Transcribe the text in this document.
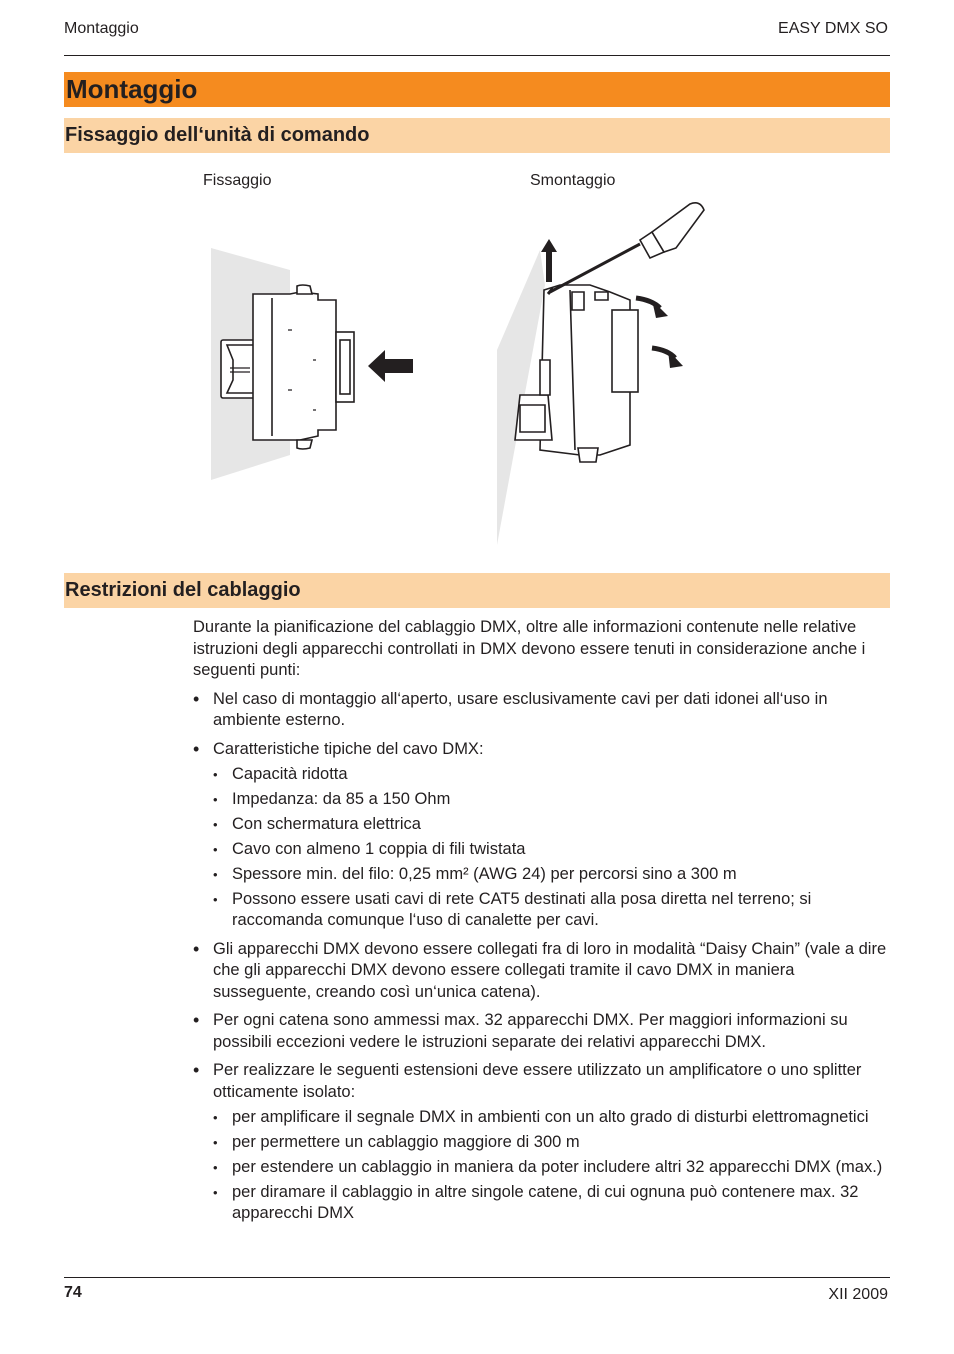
Montaggio	EASY DMX SO
Montaggio
Fissaggio dell‘unità di comando
Fissaggio	Smontaggio
Restrizioni del cablaggio

Durante la pianificazione del cablaggio DMX, oltre alle informazioni contenute nelle relative istruzioni degli apparecchi controllati in DMX devono essere tenuti in considerazione anche i seguenti punti:

• Nel caso di montaggio all‘aperto, usare esclusivamente cavi per dati idonei all‘uso in ambiente esterno.
• Caratteristiche tipiche del cavo DMX:
• Capacità ridotta
• Impedanza: da 85 a 150 Ohm
• Con schermatura elettrica
• Cavo con almeno 1 coppia di fili twistata
• Spessore min. del filo: 0,25 mm² (AWG 24) per percorsi sino a 300 m
• Possono essere usati cavi di rete CAT5 destinati alla posa diretta nel terreno; si raccomanda comunque l‘uso di canalette per cavi.
• Gli apparecchi DMX devono essere collegati fra di loro in modalità “Daisy Chain” (vale a dire che gli apparecchi DMX devono essere collegati tramite il cavo DMX in maniera susseguente, creando così un‘unica catena).
• Per ogni catena sono ammessi max. 32 apparecchi DMX. Per maggiori informazioni su possibili eccezioni vedere le istruzioni separate dei relativi apparecchi DMX.
• Per realizzare le seguenti estensioni deve essere utilizzato un amplificatore o uno splitter otticamente isolato:
• per amplificare il segnale DMX in ambienti con un alto grado di disturbi elettromagnetici
• per permettere un cablaggio maggiore di 300 m
• per estendere un cablaggio in maniera da poter includere altri 32 apparecchi DMX (max.)
• per diramare il cablaggio in altre singole catene, di cui ognuna può contenere max. 32 apparecchi DMX
74	XII 2009
